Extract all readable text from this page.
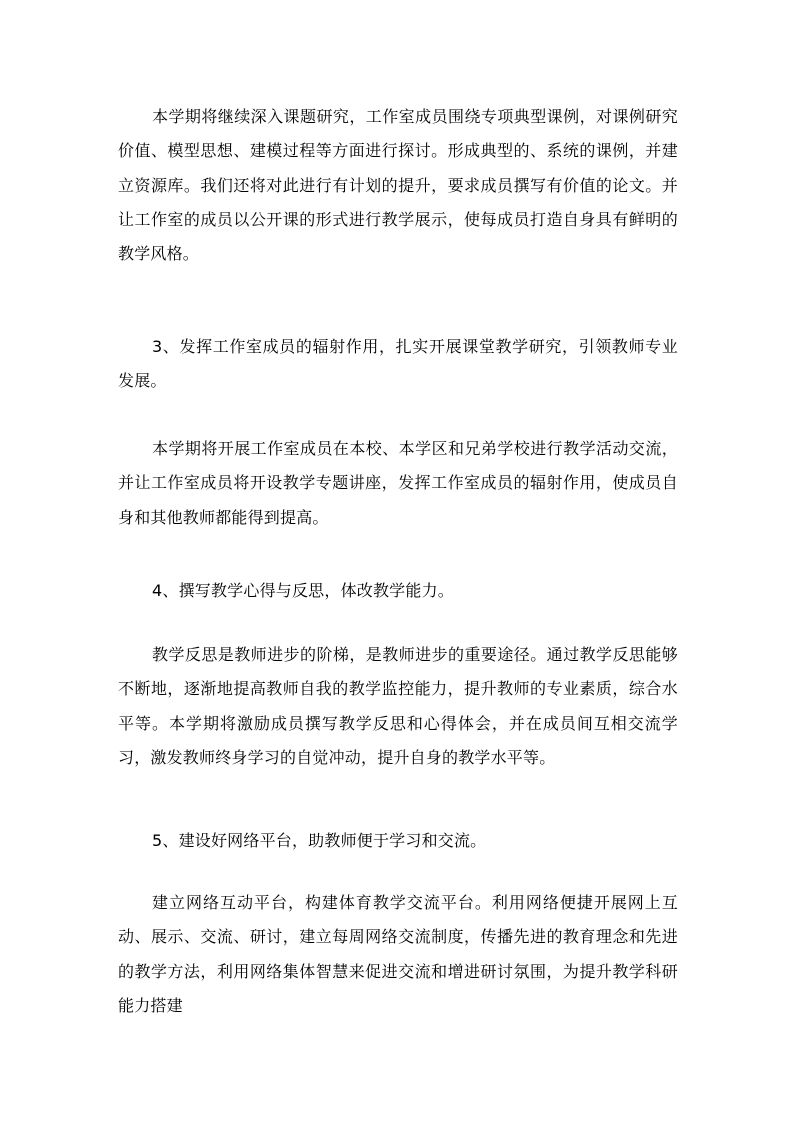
本学期将继续深入课题研究，工作室成员围绕专项典型课例，对课例研究价值、模型思想、建模过程等方面进行探讨。形成典型的、系统的课例，并建立资源库。我们还将对此进行有计划的提升，要求成员撰写有价值的论文。并让工作室的成员以公开课的形式进行教学展示，使每成员打造自身具有鲜明的教学风格。

3、发挥工作室成员的辐射作用，扎实开展课堂教学研究，引领教师专业发展。

本学期将开展工作室成员在本校、本学区和兄弟学校进行教学活动交流，并让工作室成员将开设教学专题讲座，发挥工作室成员的辐射作用，使成员自身和其他教师都能得到提高。

4、撰写教学心得与反思，体改教学能力。

教学反思是教师进步的阶梯，是教师进步的重要途径。通过教学反思能够不断地，逐渐地提高教师自我的教学监控能力，提升教师的专业素质，综合水平等。本学期将激励成员撰写教学反思和心得体会，并在成员间互相交流学习，激发教师终身学习的自觉冲动，提升自身的教学水平等。

5、建设好网络平台，助教师便于学习和交流。

建立网络互动平台，构建体育教学交流平台。利用网络便捷开展网上互动、展示、交流、研讨，建立每周网络交流制度，传播先进的教育理念和先进的教学方法，利用网络集体智慧来促进交流和增进研讨氛围，为提升教学科研能力搭建
